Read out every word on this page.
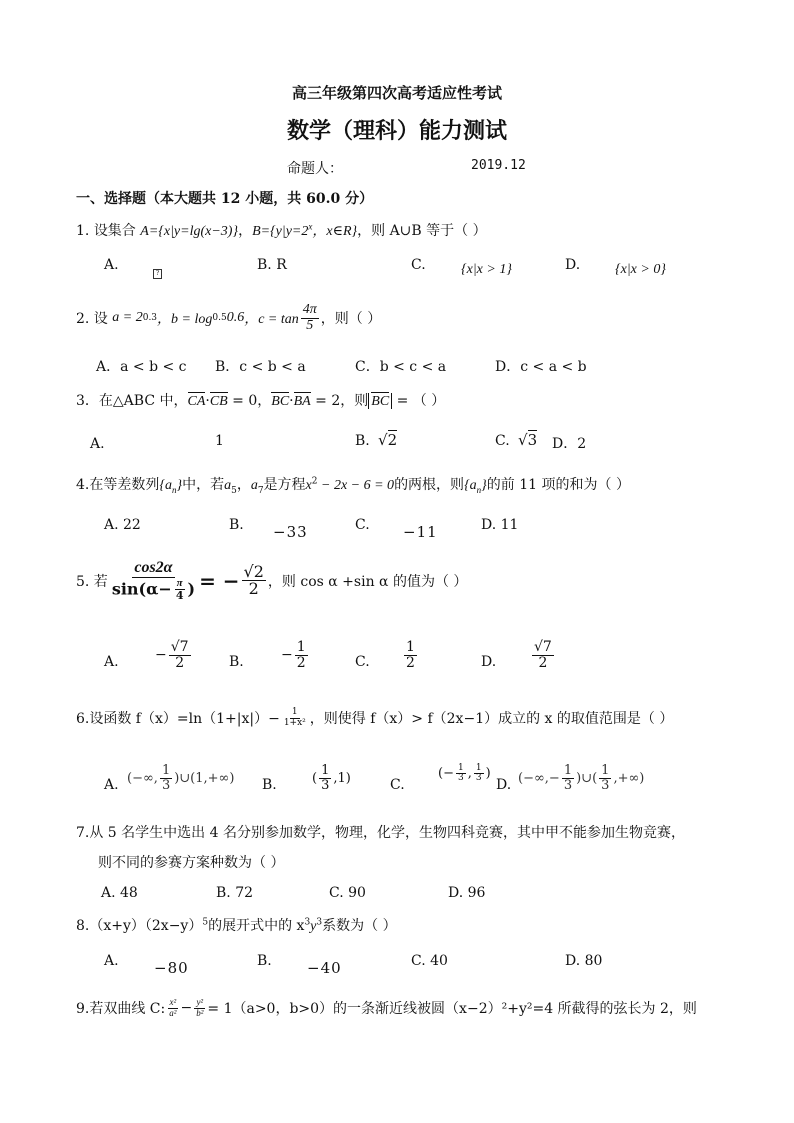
高三年级第四次高考适应性考试
数学（理科）能力测试
命题人：	2019.12
一、选择题（本大题共 12 小题，共 60.0 分）
1. 设集合 A={x|y=lg(x−3)}，$B=\{y|y=2^x$，x∈R}，则 A∪B 等于（ ）
A.	?	B. R	C.	{x|x > 1}	D. {x|x > 0}
2. 设
a = 2 0.3 ，b = log 0.5 0.6 ，$c = \tan \frac{4\pi}{5}$ ，则（ ）
A．a < b < c B．c < b < a	C．b < c < a	D．c < a < b
3．在△ABC 中，CA·CB = 0，BC·BA = 2，则 BC = （ ）
A.	1	B. √2	C. √3 D．2
4.在等差数列$\{a_n\}$中，若$a_5$，$a_7$是方程$x^2 - 2x - 6 = 0$的两根，则$\{a_n\}$的前 11 项的和为（ ）
A. 22	B. −33	C. −11	D. 11
5. 若 $\frac{\cos 2\alpha}{\sin(\alpha- \frac{\pi}{4} )}$ = − $\frac{√2}{2}$ ，则 cos α +sin α 的值为（ ）
A.	− $\frac{√7}{2}$	B.	− $\frac{1}{2}$	C. $\frac{1}{2}$	D.	$\frac{√7}{2}$
6.设函数 $f(x)=\ln(1+|x|)- \frac{1}{\text{1+x²}}$ ，则使得 f（x）> f（2x−1）成立的 x 的取值范围是（ ）
A. (−∞, $\frac{1}{3}$ )∪(1,+∞) B.	( $\frac{1}{3} ,1$)	C.
(− $\frac{1}{3}$ , $\frac{1}{3}$ )
D. (−∞,− $\frac{1}{3}$ )∪( $\frac{1}{3}$ ,+∞)
7.从 5 名学生中选出 4 名分别参加数学，物理，化学，生物四科竞赛，其中甲不能参加生物竞赛，
则不同的参赛方案种数为（ ）
A. 48	B. 72	C. 90	D. 96
$8.(x+y)(2x-y)^5$的展开式中的 $x^3y^3$系数为（ ）
A. −80	B. −40	C. 40	D. 80
9.若双曲线 C: $\frac{\text{x²}}{\text{a²}} - \frac{\text{y²}}{\text{b²}} = 1(a>0$，b>0）的一条渐近线被圆（x−2）²+y²=4 所截得的弦长为 2，则
